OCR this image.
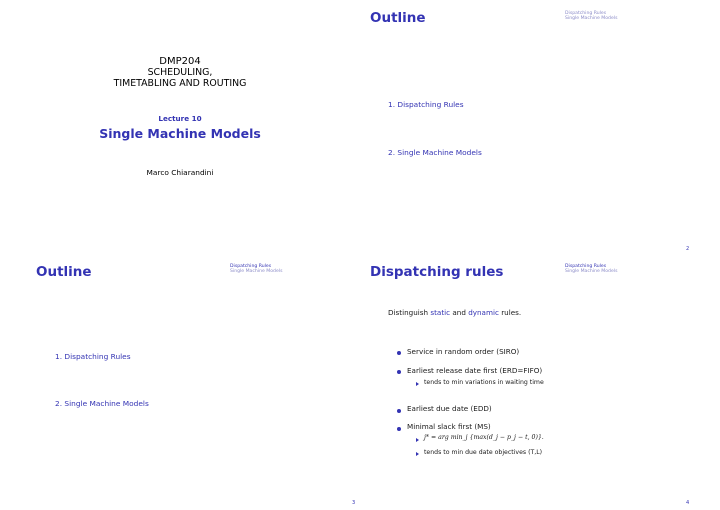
DMP204
SCHEDULING,
TIMETABLING AND ROUTING
Lecture 10
Single Machine Models
Marco Chiarandini
Outline	Dispatching Rules
Single Machine Models
1. Dispatching Rules
2. Single Machine Models
2
Outline	Dispatching Rules
Single Machine Models
1. Dispatching Rules
2. Single Machine Models
3
Dispatching rules	Dispatching Rules
Single Machine Models
Distinguish static and dynamic rules.
Service in random order (SIRO)
Earliest release date first (ERD=FIFO)
tends to min variations in waiting time
Earliest due date (EDD)
Minimal slack first (MS)
j* = arg min_j {max(d_j − p_j − t, 0)}.
tends to min due date objectives (T,L)
4
